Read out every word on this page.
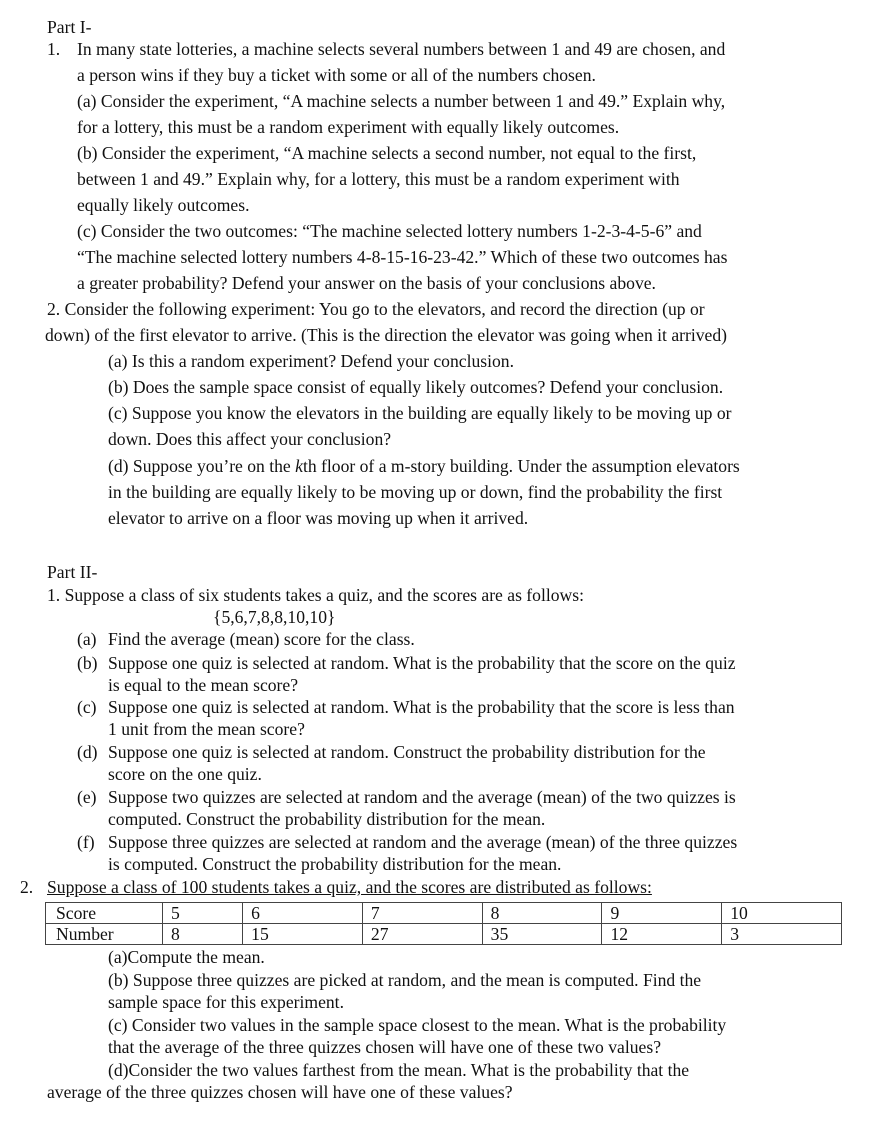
Part I-
1. In many state lotteries, a machine selects several numbers between 1 and 49 are chosen, and
a person wins if they buy a ticket with some or all of the numbers chosen.
(a) Consider the experiment, “A machine selects a number between 1 and 49.” Explain why,
for a lottery, this must be a random experiment with equally likely outcomes.
(b) Consider the experiment, “A machine selects a second number, not equal to the first,
between 1 and 49.” Explain why, for a lottery, this must be a random experiment with
equally likely outcomes.
(c) Consider the two outcomes: “The machine selected lottery numbers 1-2-3-4-5-6” and
“The machine selected lottery numbers 4-8-15-16-23-42.” Which of these two outcomes has
a greater probability? Defend your answer on the basis of your conclusions above.
2. Consider the following experiment: You go to the elevators, and record the direction (up or
down) of the first elevator to arrive. (This is the direction the elevator was going when it arrived)
(a) Is this a random experiment? Defend your conclusion.
(b) Does the sample space consist of equally likely outcomes? Defend your conclusion.
(c) Suppose you know the elevators in the building are equally likely to be moving up or
down. Does this affect your conclusion?
(d) Suppose you’re on the kth floor of a m-story building. Under the assumption elevators
in the building are equally likely to be moving up or down, find the probability the first
elevator to arrive on a floor was moving up when it arrived.
Part II-
1. Suppose a class of six students takes a quiz, and the scores are as follows:
{5,6,7,8,8,10,10}
(a) Find the average (mean) score for the class.
(b) Suppose one quiz is selected at random. What is the probability that the score on the quiz
is equal to the mean score?
(c) Suppose one quiz is selected at random. What is the probability that the score is less than
1 unit from the mean score?
(d) Suppose one quiz is selected at random. Construct the probability distribution for the
score on the one quiz.
(e) Suppose two quizzes are selected at random and the average (mean) of the two quizzes is
computed. Construct the probability distribution for the mean.
(f) Suppose three quizzes are selected at random and the average (mean) of the three quizzes
is computed. Construct the probability distribution for the mean.
2. Suppose a class of 100 students takes a quiz, and the scores are distributed as follows:
Score	5	6	7	8	9	10
Number	8	15	27	35	12	3
(a)Compute the mean.
(b) Suppose three quizzes are picked at random, and the mean is computed. Find the
sample space for this experiment.
(c) Consider two values in the sample space closest to the mean. What is the probability
that the average of the three quizzes chosen will have one of these two values?
(d)Consider the two values farthest from the mean. What is the probability that the
average of the three quizzes chosen will have one of these values?
